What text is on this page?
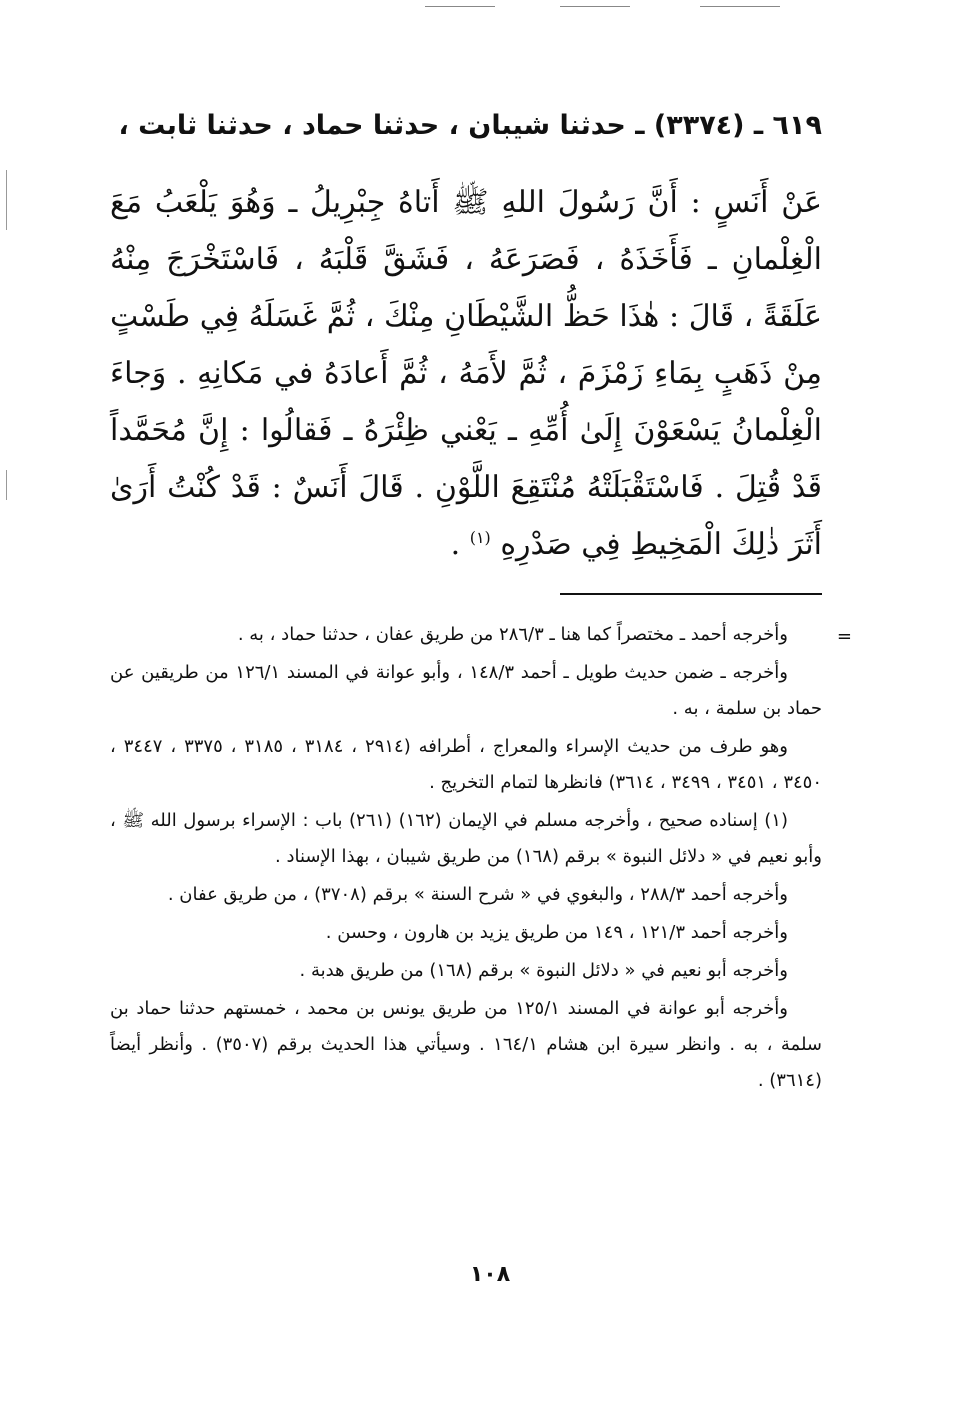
٦١٩ ـ (٣٣٧٤) ـ حدثنا شيبان ، حدثنا حماد ، حدثنا ثابت ،

عَنْ أَنَسٍ : أَنَّ رَسُولَ اللهِ ﷺ أَتاهُ جِبْرِيلُ ـ وَهُوَ يَلْعَبُ مَعَ الْغِلْمانِ ـ فَأَخَذَهُ ، فَصَرَعَهُ ، فَشَقَّ قَلْبَهُ ، فَاسْتَخْرَجَ مِنْهُ عَلَقَةً ، قَالَ : هٰذَا حَظُّ الشَّيْطَانِ مِنْكَ ، ثُمَّ غَسَلَهُ فِي طَسْتٍ مِنْ ذَهَبٍ بِمَاءِ زَمْزَمَ ، ثُمَّ لأَمَهُ ، ثُمَّ أَعادَهُ في مَكانِهِ . وَجاءَ الْغِلْمانُ يَسْعَوْنَ إِلَىٰ أُمِّهِ ـ يَعْني ظِئْرَهُ ـ فَقالُوا : إِنَّ مُحَمَّداً قَدْ قُتِلَ . فَاسْتَقْبَلَتْهُ مُنْتَقِعَ اللَّوْنِ . قَالَ أَنَسٌ : قَدْ كُنْتُ أَرَىٰ أَثَرَ ذٰلِكَ الْمَخِيطِ فِي صَدْرِهِ $^{(١)}$ .

=

وأخرجه أحمد ـ مختصراً كما هنا ـ ٢٨٦/٣ من طريق عفان ، حدثنا حماد ، به .

وأخرجه ـ ضمن حديث طويل ـ أحمد ١٤٨/٣ ، وأبو عوانة في المسند ١٢٦/١ من طريقين عن حماد بن سلمة ، به .

وهو طرف من حديث الإسراء والمعراج ، أطرافه (٢٩١٤ ، ٣١٨٤ ، ٣١٨٥ ، ٣٣٧٥ ، ٣٤٤٧ ، ٣٤٥٠ ، ٣٤٥١ ، ٣٤٩٩ ، ٣٦١٤) فانظرها لتمام التخريج .

(١) إسناده صحيح ، وأخرجه مسلم في الإيمان (١٦٢) (٢٦١) باب : الإسراء برسول الله ﷺ ، وأبو نعيم في « دلائل النبوة » برقم (١٦٨) من طريق شيبان ، بهذا الإسناد .

وأخرجه أحمد ٢٨٨/٣ ، والبغوي في « شرح السنة » برقم (٣٧٠٨) ، من طريق عفان .

وأخرجه أحمد ١٢١/٣ ، ١٤٩ من طريق يزيد بن هارون ، وحسن .

وأخرجه أبو نعيم في « دلائل النبوة » برقم (١٦٨) من طريق هدبة .

وأخرجه أبو عوانة في المسند ١٢٥/١ من طريق يونس بن محمد ، خمستهم حدثنا حماد بن سلمة ، به . وانظر سيرة ابن هشام ١٦٤/١ . وسيأتي هذا الحديث برقم (٣٥٠٧) . وأنظر أيضاً (٣٦١٤) .

١٠٨
